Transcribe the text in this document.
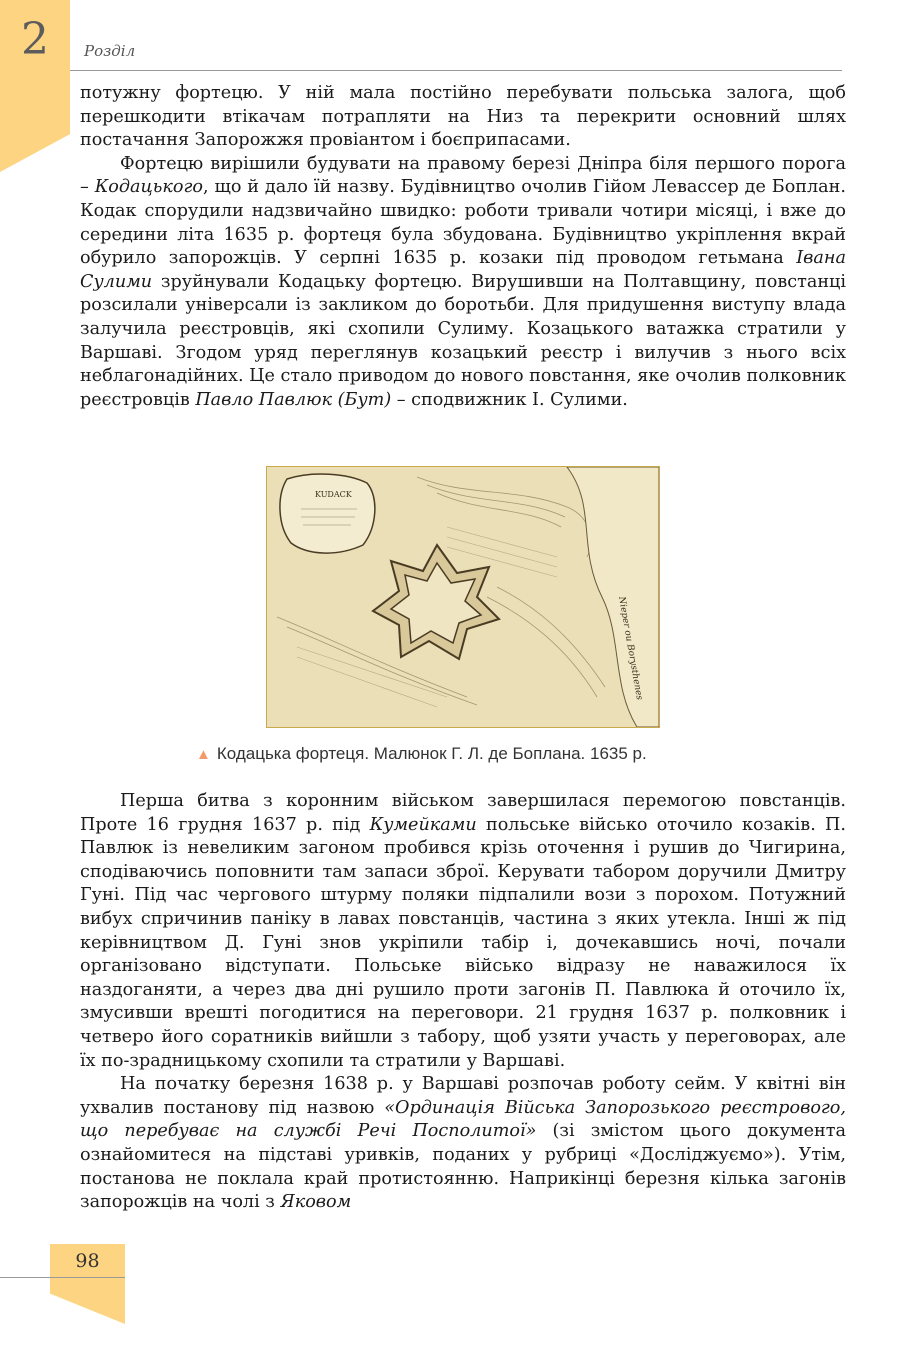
2	Розділ

потужну фортецю. У ній мала постійно перебувати польська залога, щоб перешкодити втікачам потрапляти на Низ та перекрити основний шлях постачання Запорожжя провіантом і боєприпасами.

Фортецю вирішили будувати на правому березі Дніпра біля першого порога – Кодацького, що й дало їй назву. Будівництво очолив Гійом Левассер де Боплан. Кодак спорудили надзвичайно швидко: роботи тривали чотири місяці, і вже до середини літа 1635 р. фортеця була збудована. Будівництво укріплення вкрай обурило запорожців. У серпні 1635 р. козаки під проводом гетьмана Івана Сулими зруйнували Кодацьку фортецю. Вирушивши на Полтавщину, повстанці розсилали універсали із закликом до боротьби. Для придушення виступу влада залучила реєстровців, які схопили Сулиму. Козацького ватажка стратили у Варшаві. Згодом уряд переглянув козацький реєстр і вилучив з нього всіх неблагонадійних. Це стало приводом до нового повстання, яке очолив полковник реєстровців Павло Павлюк (Бут) – сподвижник І. Сулими.

KUDACK
Nieper ou Borysthenes
▲ Кодацька фортеця. Малюнок Г. Л. де Боплана. 1635 р.

Перша битва з коронним військом завершилася перемогою повстанців. Проте 16 грудня 1637 р. під Кумейками польське військо оточило козаків. П. Павлюк із невеликим загоном пробився крізь оточення і рушив до Чигирина, сподіваючись поповнити там запаси зброї. Керувати табором доручили Дмитру Гуні. Під час чергового штурму поляки підпалили вози з порохом. Потужний вибух спричинив паніку в лавах повстанців, частина з яких утекла. Інші ж під керівництвом Д. Гуні знов укріпили табір і, дочекавшись ночі, почали організовано відступати. Польське військо відразу не наважилося їх наздоганяти, а через два дні рушило проти загонів П. Павлюка й оточило їх, змусивши врешті погодитися на переговори. 21 грудня 1637 р. полковник і четверо його соратників вийшли з табору, щоб узяти участь у переговорах, але їх по-зрадницькому схопили та стратили у Варшаві.

На початку березня 1638 р. у Варшаві розпочав роботу сейм. У квітні він ухвалив постанову під назвою «Ординація Війська Запорозького реєстрового, що перебуває на службі Речі Посполитої» (зі змістом цього документа ознайомитеся на підставі уривків, поданих у рубриці «Досліджуємо»). Утім, постанова не поклала край протистоянню. Наприкінці березня кілька загонів запорожців на чолі з Яковом

98
